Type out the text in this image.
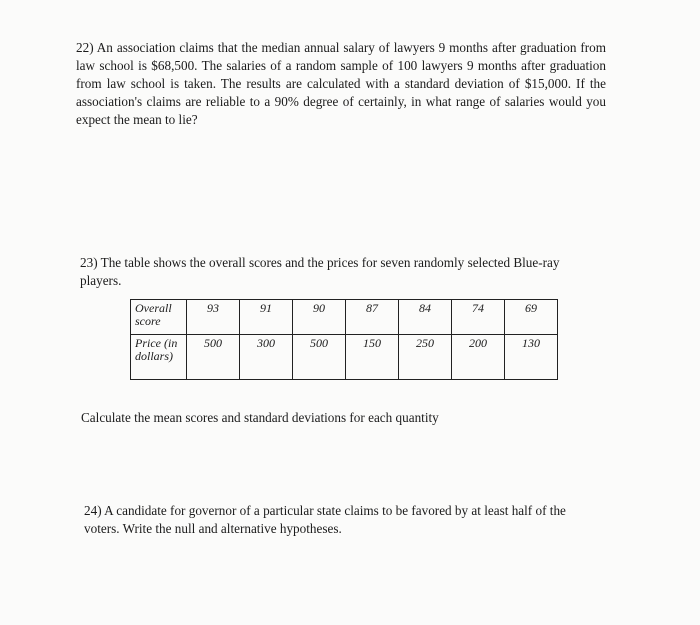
22) An association claims that the median annual salary of lawyers 9 months after graduation from law school is $68,500. The salaries of a random sample of 100 lawyers 9 months after graduation from law school is taken. The results are calculated with a standard deviation of $15,000. If the association's claims are reliable to a 90% degree of certainly, in what range of salaries would you expect the mean to lie?
23) The table shows the overall scores and the prices for seven randomly selected Blue-ray players.
Overall score	93	91	90	87	84	74	69
Price (in dollars)	500	300	500	150	250	200	130
Calculate the mean scores and standard deviations for each quantity
24) A candidate for governor of a particular state claims to be favored by at least half of the voters. Write the null and alternative hypotheses.
